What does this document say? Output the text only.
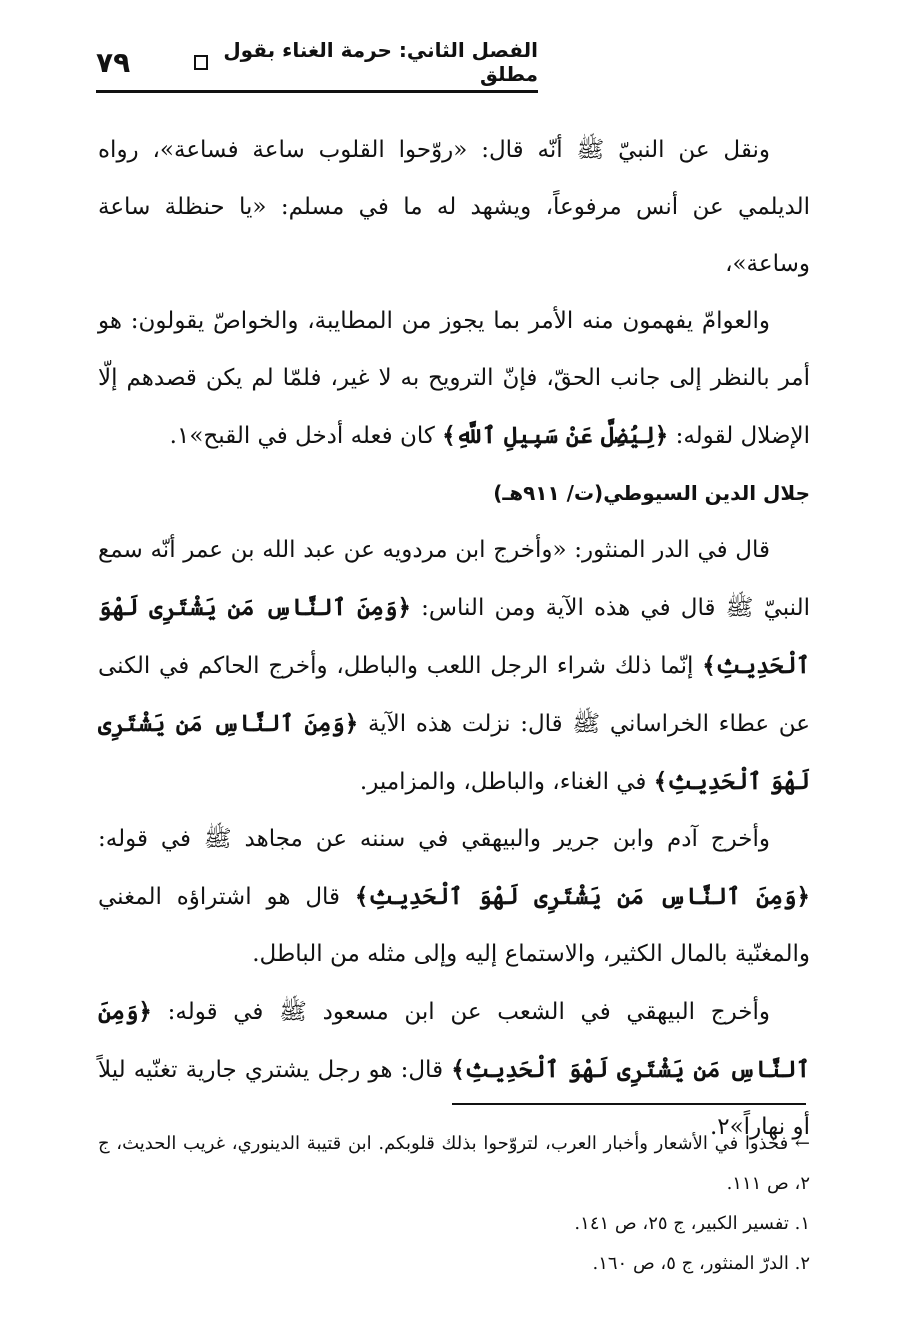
الفصل الثاني: حرمة الغناء بقول مطلق
٧٩

ونقل عن النبيّ ﷺ أنّه قال: «روّحوا القلوب ساعة فساعة»، رواه الديلمي عن أنس مرفوعاً، ويشهد له ما في مسلم: «يا حنظلة ساعة وساعة»،

والعوامّ يفهمون منه الأمر بما يجوز من المطايبة، والخواصّ يقولون: هو أمر بالنظر إلى جانب الحقّ، فإنّ الترويح به لا غير، فلمّا لم يكن قصدهم إلّا الإضلال لقوله: ﴿لِيُضِلَّ عَنْ سَبِيلِ ٱللَّهِ﴾ كان فعله أدخل في القبح»١.

جلال الدين السيوطي(ت/ ٩١١هـ)

قال في الدر المنثور: «وأخرج ابن مردويه عن عبد الله بن عمر أنّه سمع النبيّ ﷺ قال في هذه الآية ومن الناس: ﴿وَمِنَ ٱلنَّاسِ مَن يَشْتَرِى لَهْوَ ٱلْحَدِيثِ﴾ إنّما ذلك شراء الرجل اللعب والباطل، وأخرج الحاكم في الكنى عن عطاء الخراساني ﷺ قال: نزلت هذه الآية ﴿وَمِنَ ٱلنَّاسِ مَن يَشْتَرِى لَهْوَ ٱلْحَدِيثِ﴾ في الغناء، والباطل، والمزامير.

وأخرج آدم وابن جرير والبيهقي في سننه عن مجاهد ﷺ في قوله: ﴿وَمِنَ ٱلنَّاسِ مَن يَشْتَرِى لَهْوَ ٱلْحَدِيثِ﴾ قال هو اشتراؤه المغني والمغنّية بالمال الكثير، والاستماع إليه وإلى مثله من الباطل.

وأخرج البيهقي في الشعب عن ابن مسعود ﷺ في قوله: ﴿وَمِنَ ٱلنَّاسِ مَن يَشْتَرِى لَهْوَ ٱلْحَدِيثِ﴾ قال: هو رجل يشتري جارية تغنّيه ليلاً أو نهاراً»٢.

← فخذوا في الأشعار وأخبار العرب، لتروّحوا بذلك قلوبكم. ابن قتيبة الدينوري، غريب الحديث، ج ٢، ص ١١١.

١. تفسير الكبير، ج ٢٥، ص ١٤١.

٢. الدرّ المنثور، ج ٥، ص ١٦٠.
